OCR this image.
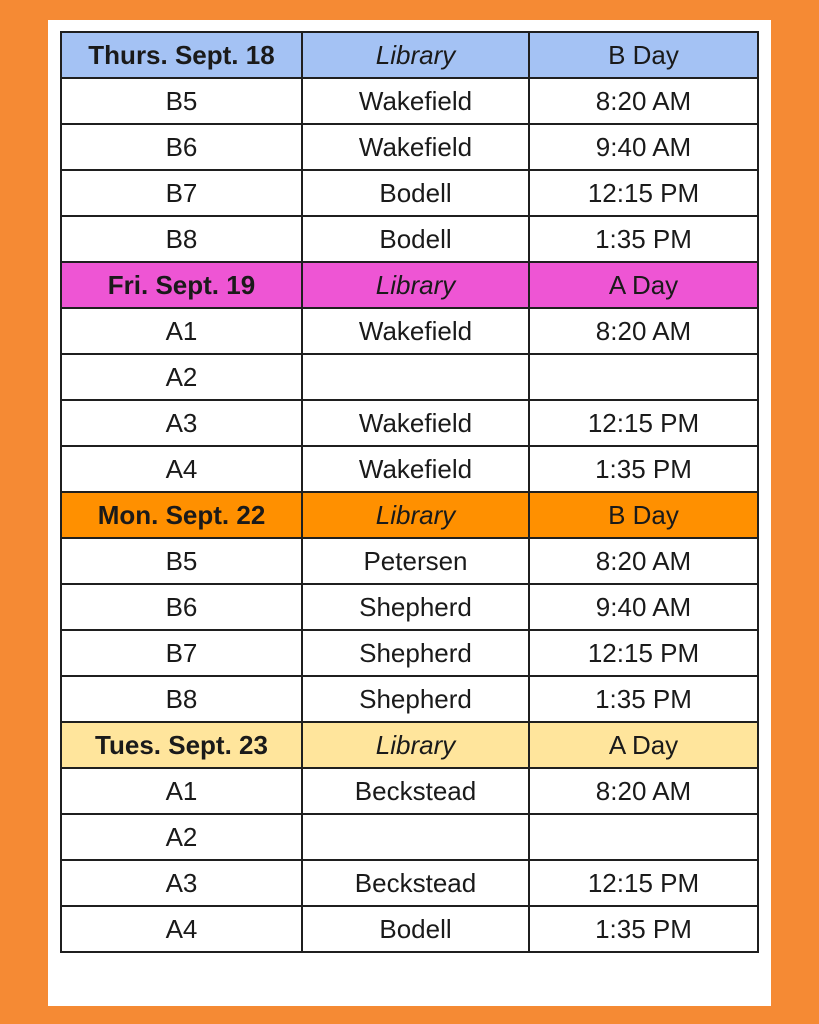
Thurs. Sept. 18	Library	B Day
B5	Wakefield	8:20 AM
B6	Wakefield	9:40 AM
B7	Bodell	12:15 PM
B8	Bodell	1:35 PM
Fri. Sept. 19	Library	A Day
A1	Wakefield	8:20 AM
A2		
A3	Wakefield	12:15 PM
A4	Wakefield	1:35 PM
Mon. Sept. 22	Library	B Day
B5	Petersen	8:20 AM
B6	Shepherd	9:40 AM
B7	Shepherd	12:15 PM
B8	Shepherd	1:35 PM
Tues. Sept. 23	Library	A Day
A1	Beckstead	8:20 AM
A2		
A3	Beckstead	12:15 PM
A4	Bodell	1:35 PM
